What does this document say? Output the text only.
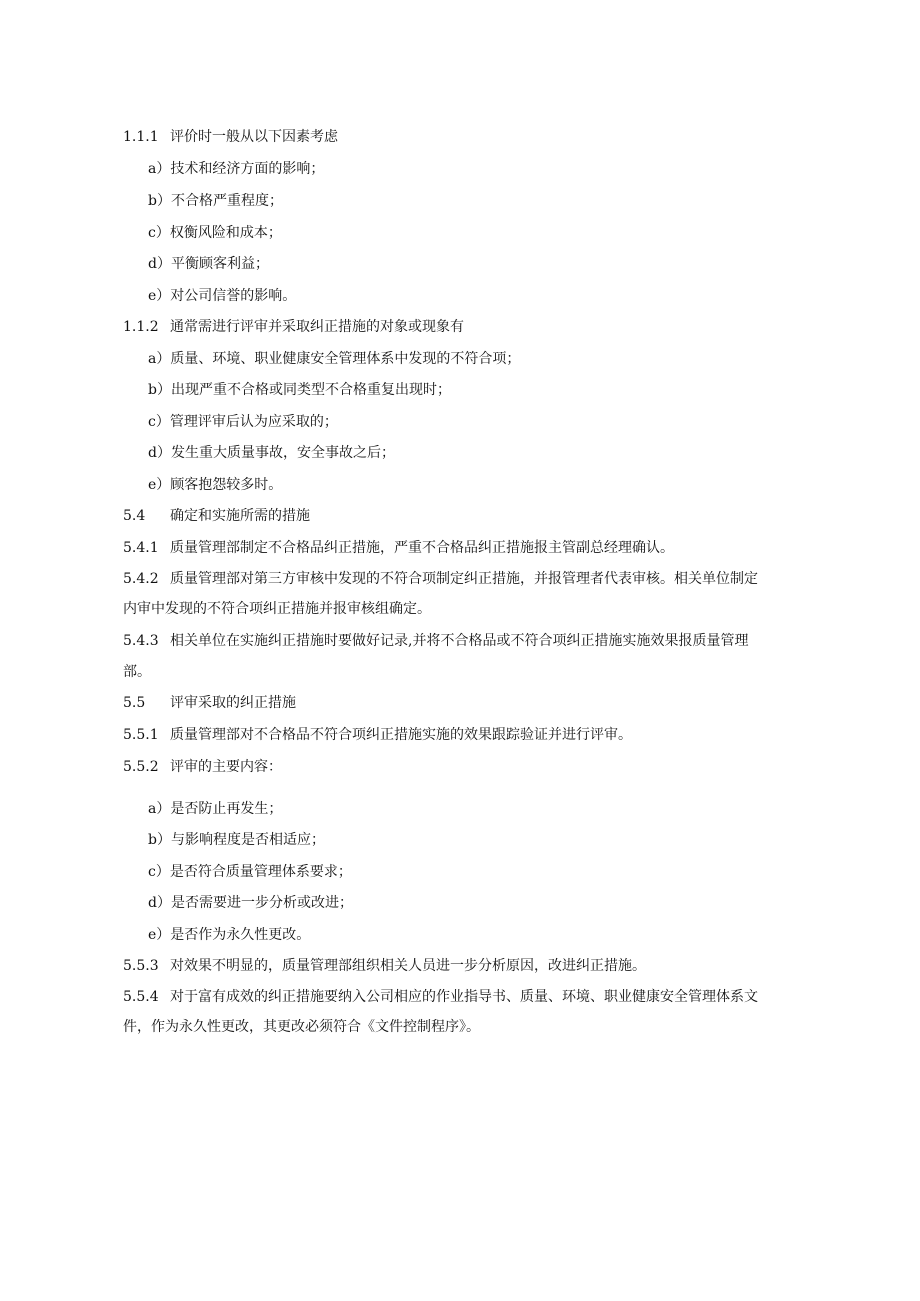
1.1.1 评价时一般从以下因素考虑
a）技术和经济方面的影响；
b）不合格严重程度；
c）权衡风险和成本；
d）平衡顾客利益；
e）对公司信誉的影响。
1.1.2 通常需进行评审并采取纠正措施的对象或现象有
a）质量、环境、职业健康安全管理体系中发现的不符合项；
b）出现严重不合格或同类型不合格重复出现时；
c）管理评审后认为应采取的；
d）发生重大质量事故，安全事故之后；
e）顾客抱怨较多时。
5.4 确定和实施所需的措施
5.4.1 质量管理部制定不合格品纠正措施，严重不合格品纠正措施报主管副总经理确认。
5.4.2 质量管理部对第三方审核中发现的不符合项制定纠正措施，并报管理者代表审核。相关单位制定
内审中发现的不符合项纠正措施并报审核组确定。
5.4.3 相关单位在实施纠正措施时要做好记录,并将不合格品或不符合项纠正措施实施效果报质量管理
部。
5.5 评审采取的纠正措施
5.5.1 质量管理部对不合格品不符合项纠正措施实施的效果跟踪验证并进行评审。
5.5.2 评审的主要内容：
a）是否防止再发生；
b）与影响程度是否相适应；
c）是否符合质量管理体系要求；
d）是否需要进一步分析或改进；
e）是否作为永久性更改。
5.5.3 对效果不明显的，质量管理部组织相关人员进一步分析原因，改进纠正措施。
5.5.4 对于富有成效的纠正措施要纳入公司相应的作业指导书、质量、环境、职业健康安全管理体系文
件，作为永久性更改，其更改必须符合《文件控制程序》。
